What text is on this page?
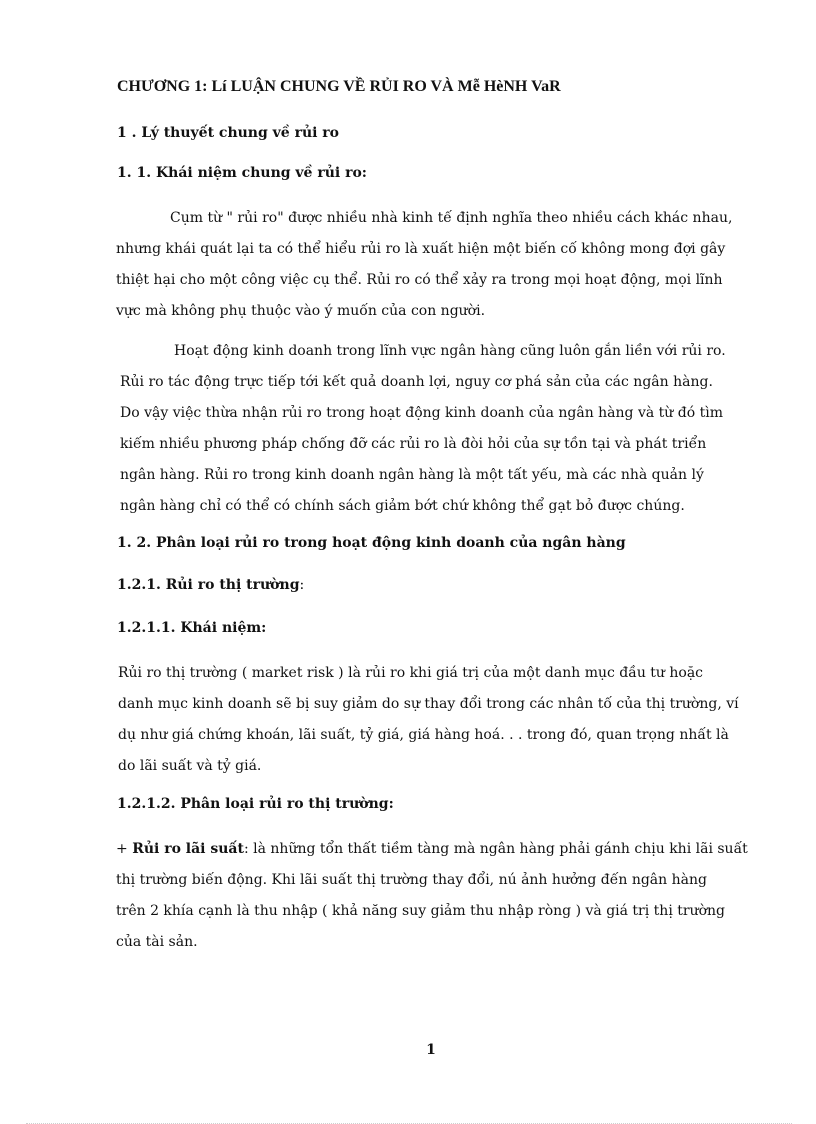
CHƯƠNG 1: Lí LUẬN CHUNG VỀ RỦI RO VÀ Mễ HèNH VaR
1 . Lý thuyết chung về rủi ro
1. 1. Khái niệm chung về rủi ro:
Cụm từ " rủi ro" được nhiều nhà kinh tế định nghĩa theo nhiều cách khác nhau,
nhưng khái quát lại ta có thể hiểu rủi ro là xuất hiện một biến cố không mong đợi gây
thiệt hại cho một công việc cụ thể. Rủi ro có thể xảy ra trong mọi hoạt động, mọi lĩnh
vực mà không phụ thuộc vào ý muốn của con người.
Hoạt động kinh doanh trong lĩnh vực ngân hàng cũng luôn gắn liền với rủi ro.
Rủi ro tác động trực tiếp tới kết quả doanh lợi, nguy cơ phá sản của các ngân hàng.
Do vậy việc thừa nhận rủi ro trong hoạt động kinh doanh của ngân hàng và từ đó tìm
kiếm nhiều phương pháp chống đỡ các rủi ro là đòi hỏi của sự tồn tại và phát triển
ngân hàng. Rủi ro trong kinh doanh ngân hàng là một tất yếu, mà các nhà quản lý
ngân hàng chỉ có thể có chính sách giảm bớt chứ không thể gạt bỏ được chúng.
1. 2. Phân loại rủi ro trong hoạt động kinh doanh của ngân hàng
1.2.1. Rủi ro thị trường:
1.2.1.1. Khái niệm:
Rủi ro thị trường ( market risk ) là rủi ro khi giá trị của một danh mục đầu tư hoặc
danh mục kinh doanh sẽ bị suy giảm do sự thay đổi trong các nhân tố của thị trường, ví
dụ như giá chứng khoán, lãi suất, tỷ giá, giá hàng hoá. . . trong đó, quan trọng nhất là
do lãi suất và tỷ giá.
1.2.1.2. Phân loại rủi ro thị trường:
+ Rủi ro lãi suất: là những tổn thất tiềm tàng mà ngân hàng phải gánh chịu khi lãi suất
thị trường biến động. Khi lãi suất thị trường thay đổi, nú ảnh hưởng đến ngân hàng
trên 2 khía cạnh là thu nhập ( khả năng suy giảm thu nhập ròng ) và giá trị thị trường
của tài sản.
1
